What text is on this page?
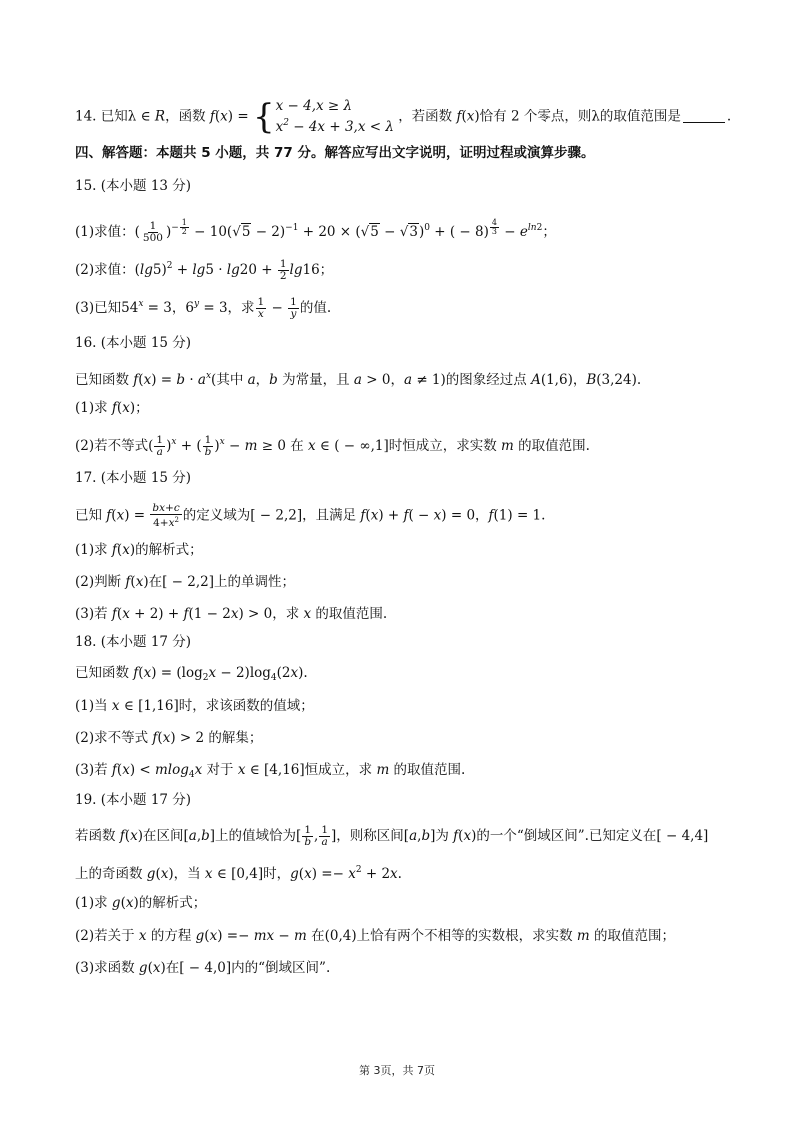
14. 已知λ ∈ R，函数 f(x) = { x − 4,x ≥ λ
$x^2 - 4x + 3,x < \lambda$
，若函数 f(x)恰有 2 个零点，则λ的取值范围是	.
四、解答题：本题共 5 小题，共 77 分。解答应写出文字说明，证明过程或演算步骤。
15. (本小题 13 分)
(1)求值：( $\frac{1}{500} )^{- \frac{1}{2}} - 10(√5 - 2)^{-1} + 20 \times (√5 - √3)^0$ + ( − 8) $^{\frac{4}{3}} - e^{ln2}$；
(2)求值：$(\lg 5)^2 + \lg 5 \cdot \lg 20 + \frac{1}{2} \lg 16$；
(3)已知$54^x = 3$，$6^y = 3$，求 $\frac{1}{x} - \frac{1}{y}$ 的值.
16. (本小题 15 分)
已知函数 $f(x) = b \cdot a^x$(其中 a，b 为常量，且 a > 0，a ≠ 1)的图象经过点 A(1,6)，B(3,24).
(1)求 f(x)；
(2)若不等式( $\frac{1}{a} )^x$ + ( $\frac{1}{b} )^x - m \ge 0$ 在 x ∈ ( − ∞,1]时恒成立，求实数 m 的取值范围.
17. (本小题 15 分)
已知 $f(x) = \frac{bx+c}{4+x^2}$ 的定义域为[ − 2,2]，且满足 f(x) + f( − x) = 0，f(1) = 1.
(1)求 f(x)的解析式；
(2)判断 f(x)在[ − 2,2]上的单调性；
(3)若 f(x + 2) + f(1 − 2x) > 0，求 x 的取值范围.
18. (本小题 17 分)
已知函数 $f(x) = (\log_2x - 2)\log_4(2x)$.
(1)当 x ∈ [1,16]时，求该函数的值域；
(2)求不等式 f(x) > 2 的解集；
(3)若 f(x) < mlog$_4$x 对于 x ∈ [4,16]恒成立，求 m 的取值范围.
19. (本小题 17 分)
若函数 f(x)在区间[a,b]上的值域恰为[ $\frac{1}{b}$ , $\frac{1}{a}$ ]，则称区间[a,b]为 f(x)的一个“倒域区间”.已知定义在[ − 4,4]
上的奇函数 g(x)，当 x ∈ [0,4]时，$g(x) =- x^2 + 2x$.
(1)求 g(x)的解析式；
(2)若关于 x 的方程 g(x) =− mx − m 在(0,4)上恰有两个不相等的实数根，求实数 m 的取值范围；
(3)求函数 g(x)在[ − 4,0]内的“倒域区间”.
第 3页，共 7页
